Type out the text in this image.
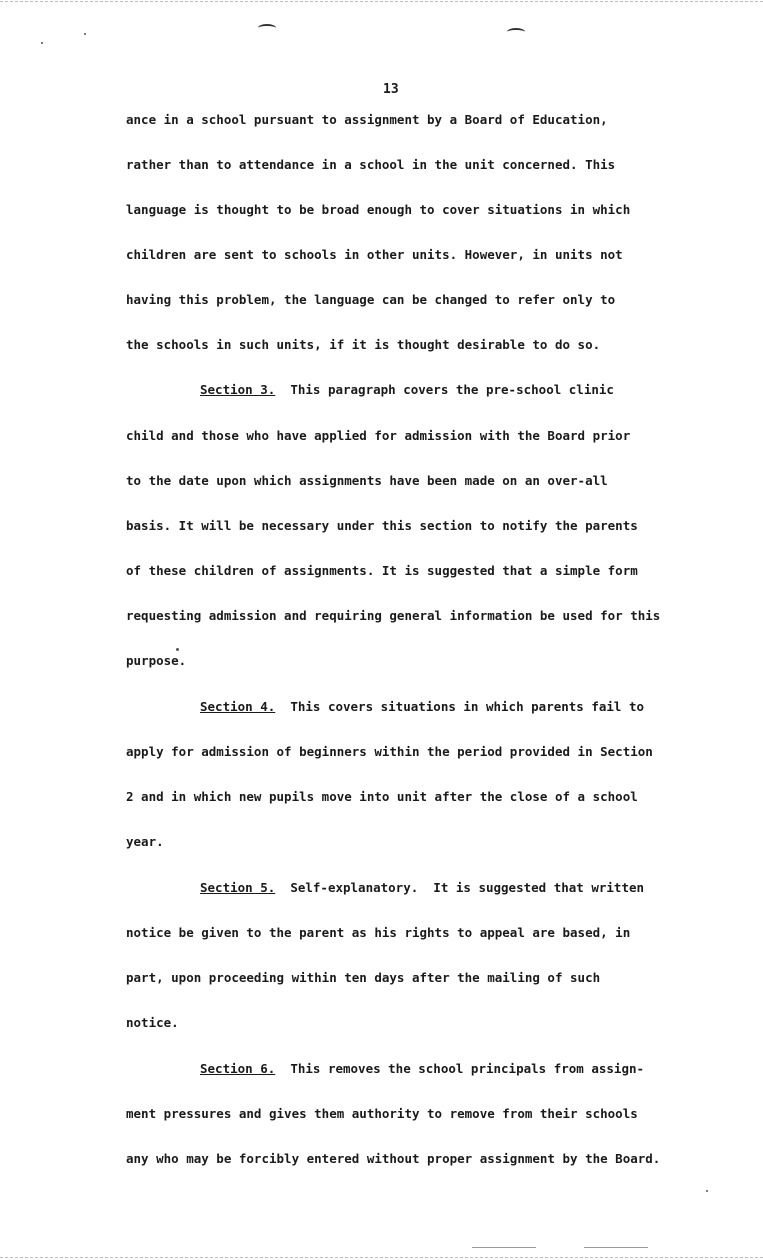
13
ance in a school pursuant to assignment by a Board of Education,
rather than to attendance in a school in the unit concerned. This
language is thought to be broad enough to cover situations in which
children are sent to schools in other units. However, in units not
having this problem, the language can be changed to refer only to
the schools in such units, if it is thought desirable to do so.
Section 3.  This paragraph covers the pre-school clinic
child and those who have applied for admission with the Board prior
to the date upon which assignments have been made on an over-all
basis. It will be necessary under this section to notify the parents
of these children of assignments. It is suggested that a simple form
requesting admission and requiring general information be used for this
purpose.
Section 4.  This covers situations in which parents fail to
apply for admission of beginners within the period provided in Section
2 and in which new pupils move into unit after the close of a school
year.
Section 5.  Self-explanatory.  It is suggested that written
notice be given to the parent as his rights to appeal are based, in
part, upon proceeding within ten days after the mailing of such
notice.
Section 6.  This removes the school principals from assign-
ment pressures and gives them authority to remove from their schools
any who may be forcibly entered without proper assignment by the Board.
